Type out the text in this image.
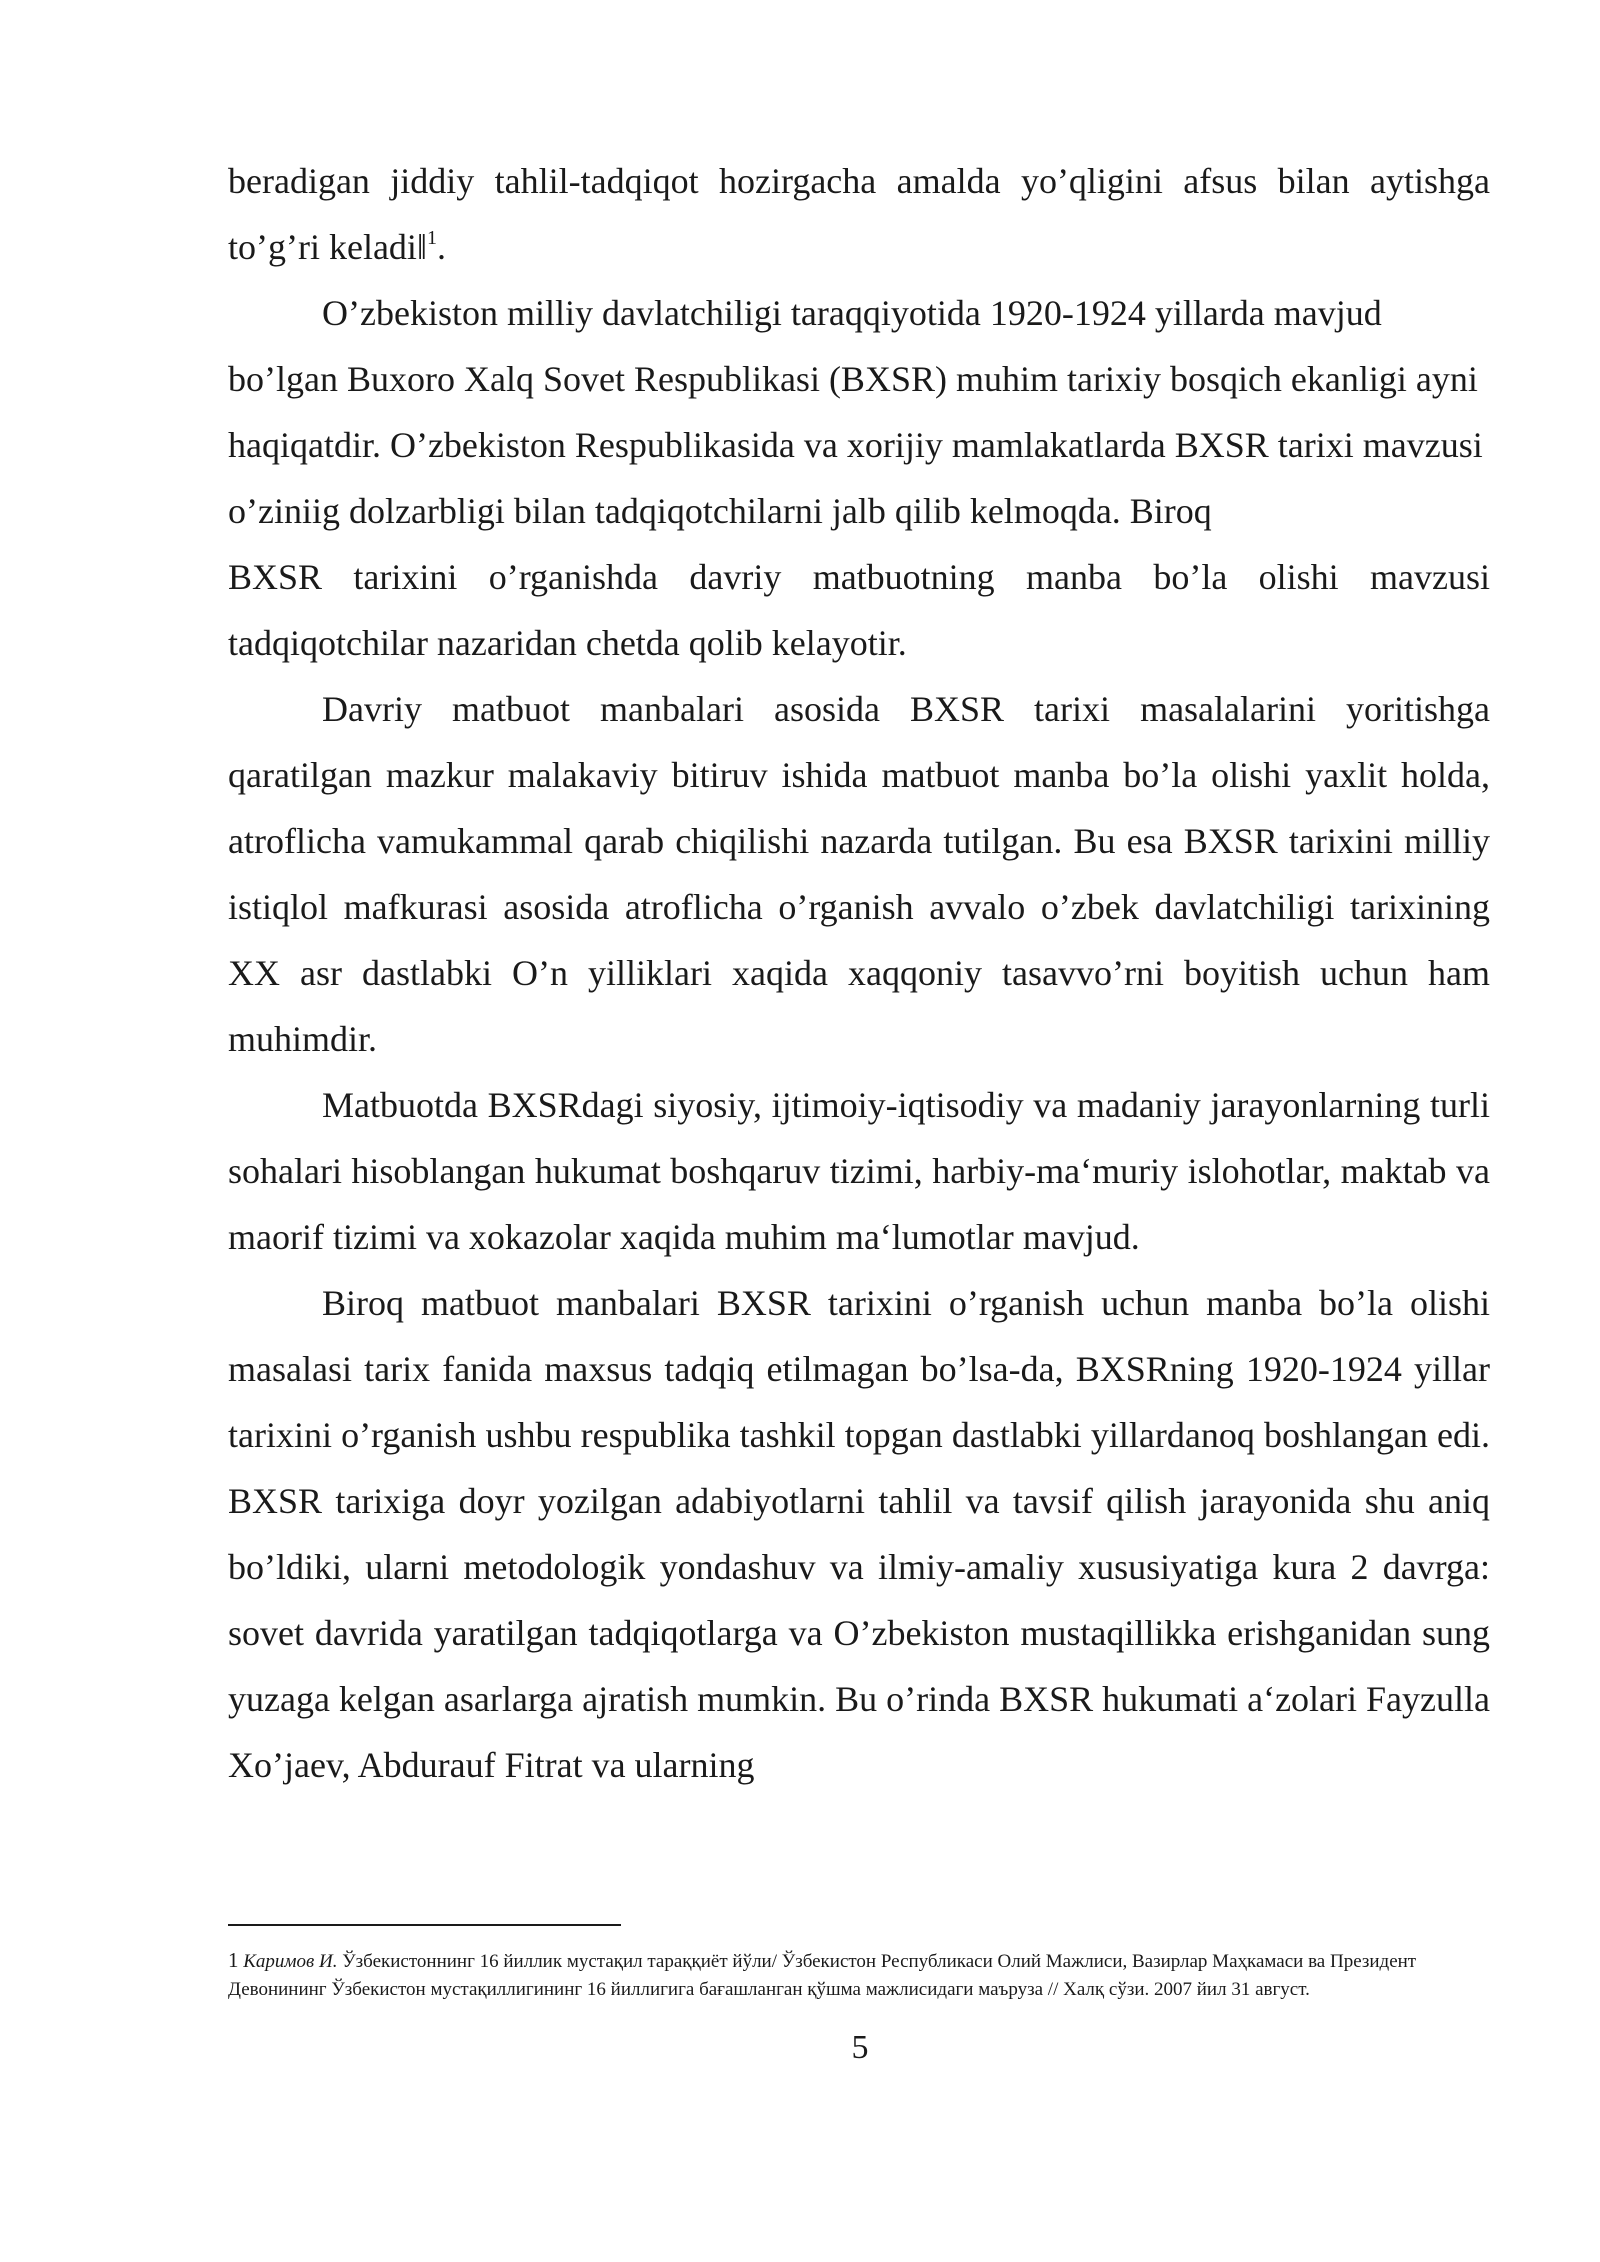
beradigan jiddiy tahlil-tadqiqot hozirgacha amalda yo’qligini afsus bilan aytishga to’g’ri keladi‖$^1$.

O’zbekiston milliy davlatchiligi taraqqiyotida 1920-1924 yillarda mavjud bo’lgan Buxoro Xalq Sovet Respublikasi (BXSR) muhim tarixiy bosqich ekanligi ayni haqiqatdir. O’zbekiston Respublikasida va xorijiy mamlakatlarda BXSR tarixi mavzusi o’ziniig dolzarbligi bilan tadqiqotchilarni jalb qilib kelmoqda. Biroq

BXSR tarixini o’rganishda davriy matbuotning manba bo’la olishi mavzusi tadqiqotchilar nazaridan chetda qolib kelayotir.

Davriy matbuot manbalari asosida BXSR tarixi masalalarini yoritishga qaratilgan mazkur malakaviy bitiruv ishida matbuot manba bo’la olishi yaxlit holda, atroflicha vamukammal qarab chiqilishi nazarda tutilgan. Bu esa BXSR tarixini milliy istiqlol mafkurasi asosida atroflicha o’rganish avvalo o’zbek davlatchiligi tarixining XX asr dastlabki O’n yilliklari xaqida xaqqoniy tasavvo’rni boyitish uchun ham muhimdir.

Matbuotda BXSRdagi siyosiy, ijtimoiy-iqtisodiy va madaniy jarayonlarning turli sohalari hisoblangan hukumat boshqaruv tizimi, harbiy-ma‘muriy islohotlar, maktab va maorif tizimi va xokazolar xaqida muhim ma‘lumotlar mavjud.

Biroq matbuot manbalari BXSR tarixini o’rganish uchun manba bo’la olishi masalasi tarix fanida maxsus tadqiq etilmagan bo’lsa-da, BXSRning 1920-1924 yillar tarixini o’rganish ushbu respublika tashkil topgan dastlabki yillardanoq boshlangan edi. BXSR tarixiga doyr yozilgan adabiyotlarni tahlil va tavsif qilish jarayonida shu aniq bo’ldiki, ularni metodologik yondashuv va ilmiy-amaliy xususiyatiga kura 2 davrga: sovet davrida yaratilgan tadqiqotlarga va O’zbekiston mustaqillikka erishganidan sung yuzaga kelgan asarlarga ajratish mumkin. Bu o’rinda BXSR hukumati a‘zolari Fayzulla Xo’jaev, Abdurauf Fitrat va ularning

1 Каримов И. Ўзбекистоннинг 16 йиллик мустақил тараққиёт йўли/ Ўзбекистон Республикаси Олий Мажлиси, Вазирлар Маҳкамаси ва Президент Девонининг Ўзбекистон мустақиллигининг 16 йиллигига бағашланган қўшма мажлисидаги маъруза // Халқ сўзи. 2007 йил 31 август.

5
